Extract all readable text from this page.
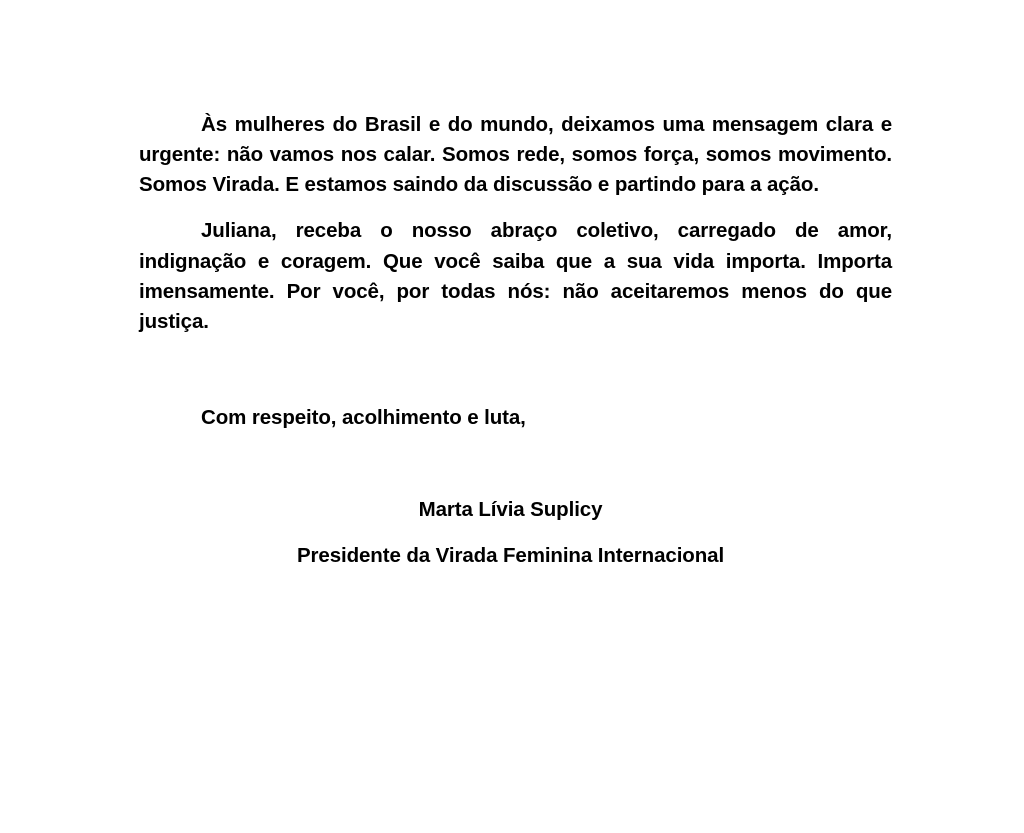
Às mulheres do Brasil e do mundo, deixamos uma mensagem clara e urgente: não vamos nos calar. Somos rede, somos força, somos movimento. Somos Virada. E estamos saindo da discussão e partindo para a ação.

Juliana, receba o nosso abraço coletivo, carregado de amor, indignação e coragem. Que você saiba que a sua vida importa. Importa imensamente. Por você, por todas nós: não aceitaremos menos do que justiça.

Com respeito, acolhimento e luta,

Marta Lívia Suplicy

Presidente da Virada Feminina Internacional
